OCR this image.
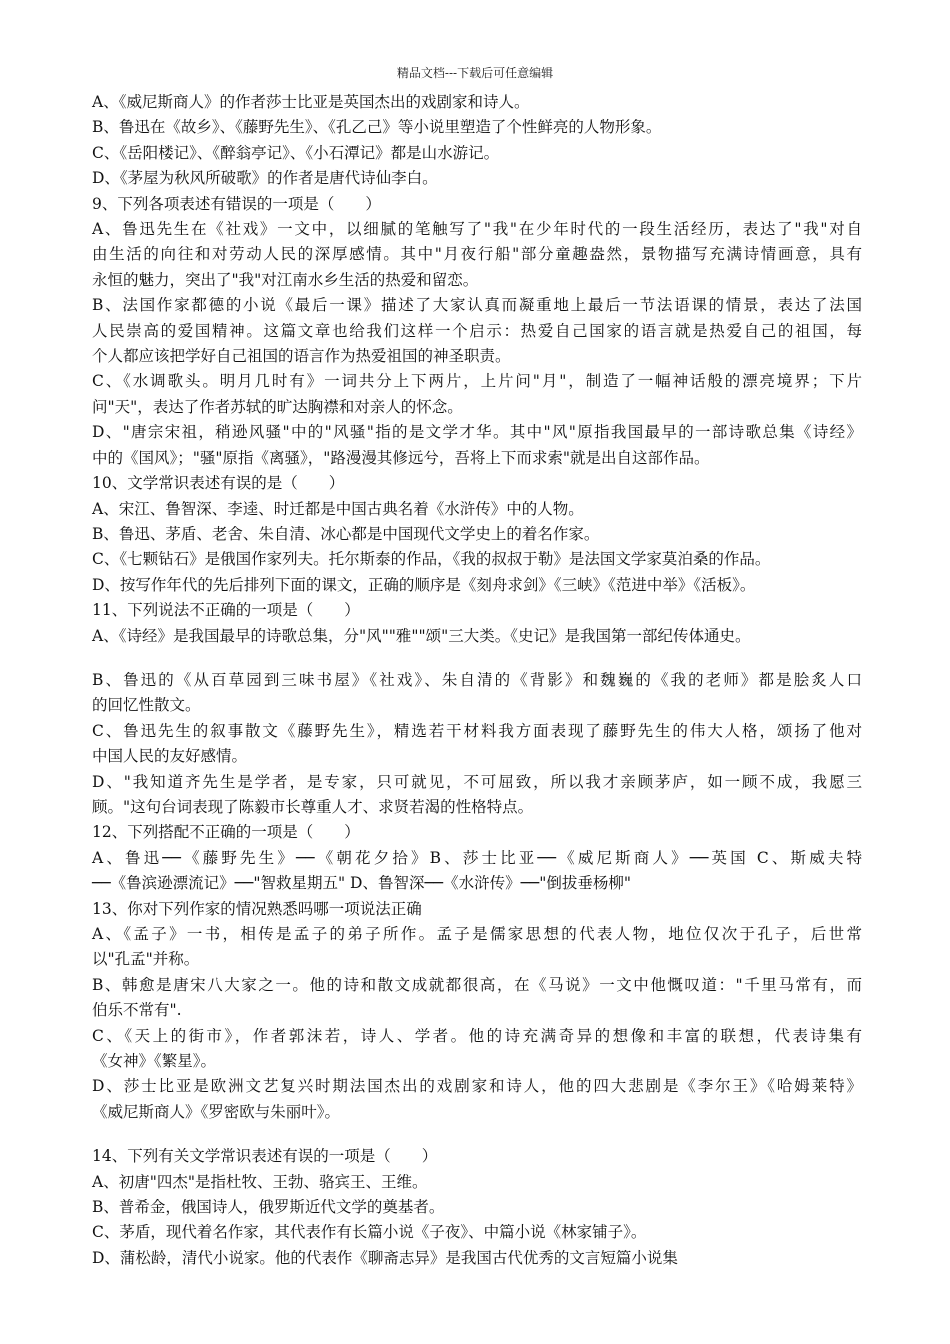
精品文档---下载后可任意编辑
A、《威尼斯商人》的作者莎士比亚是英国杰出的戏剧家和诗人。
B、鲁迅在《故乡》、《藤野先生》、《孔乙己》等小说里塑造了个性鲜亮的人物形象。
C、《岳阳楼记》、《醉翁亭记》、《小石潭记》都是山水游记。
D、《茅屋为秋风所破歌》的作者是唐代诗仙李白。
9、下列各项表述有错误的一项是（　　）
A、鲁迅先生在《社戏》一文中，以细腻的笔触写了"我"在少年时代的一段生活经历，表达了"我"对自
由生活的向往和对劳动人民的深厚感情。其中"月夜行船"部分童趣盎然，景物描写充满诗情画意，具有
永恒的魅力，突出了"我"对江南水乡生活的热爱和留恋。
B、法国作家都德的小说《最后一课》描述了大家认真而凝重地上最后一节法语课的情景，表达了法国
人民崇高的爱国精神。这篇文章也给我们这样一个启示：热爱自己国家的语言就是热爱自己的祖国，每
个人都应该把学好自己祖国的语言作为热爱祖国的神圣职责。
C、《水调歌头。明月几时有》一词共分上下两片，上片问"月"，制造了一幅神话般的漂亮境界；下片
问"天"，表达了作者苏轼的旷达胸襟和对亲人的怀念。
D、"唐宗宋祖，稍逊风骚"中的"风骚"指的是文学才华。其中"风"原指我国最早的一部诗歌总集《诗经》
中的《国风》；"骚"原指《离骚》，"路漫漫其修远兮，吾将上下而求索"就是出自这部作品。
10、文学常识表述有误的是（　　）
A、宋江、鲁智深、李逵、时迁都是中国古典名着《水浒传》中的人物。
B、鲁迅、茅盾、老舍、朱自清、冰心都是中国现代文学史上的着名作家。
C、《七颗钻石》是俄国作家列夫。托尔斯泰的作品，《我的叔叔于勒》是法国文学家莫泊桑的作品。
D、按写作年代的先后排列下面的课文，正确的顺序是《刻舟求剑》《三峡》《范进中举》《活板》。
11、下列说法不正确的一项是（　　）
A、《诗经》是我国最早的诗歌总集，分"风""雅""颂"三大类。《史记》是我国第一部纪传体通史。
B、鲁迅的《从百草园到三味书屋》《社戏》、朱自清的《背影》和魏巍的《我的老师》都是脍炙人口
的回忆性散文。
C、鲁迅先生的叙事散文《藤野先生》，精选若干材料我方面表现了藤野先生的伟大人格，颂扬了他对
中国人民的友好感情。
D、"我知道齐先生是学者，是专家，只可就见，不可屈致，所以我才亲顾茅庐，如一顾不成，我愿三
顾。"这句台词表现了陈毅市长尊重人才、求贤若渴的性格特点。
12、下列搭配不正确的一项是（　　）
A、鲁迅──《藤野先生》──《朝花夕拾》B、莎士比亚──《威尼斯商人》──英国 C、斯威夫特
──《鲁滨逊漂流记》──"智救星期五" D、鲁智深──《水浒传》──"倒拔垂杨柳"
13、你对下列作家的情况熟悉吗哪一项说法正确
A、《孟子》一书，相传是孟子的弟子所作。孟子是儒家思想的代表人物，地位仅次于孔子，后世常
以"孔孟"并称。
B、韩愈是唐宋八大家之一。他的诗和散文成就都很高，在《马说》一文中他慨叹道："千里马常有，而
伯乐不常有".
C、《天上的街市》，作者郭沫若，诗人、学者。他的诗充满奇异的想像和丰富的联想，代表诗集有
《女神》《繁星》。
D、莎士比亚是欧洲文艺复兴时期法国杰出的戏剧家和诗人，他的四大悲剧是《李尔王》《哈姆莱特》
《威尼斯商人》《罗密欧与朱丽叶》。
14、下列有关文学常识表述有误的一项是（　　）
A、初唐"四杰"是指杜牧、王勃、骆宾王、王维。
B、普希金，俄国诗人，俄罗斯近代文学的奠基者。
C、茅盾，现代着名作家，其代表作有长篇小说《子夜》、中篇小说《林家铺子》。
D、蒲松龄，清代小说家。他的代表作《聊斋志异》是我国古代优秀的文言短篇小说集
